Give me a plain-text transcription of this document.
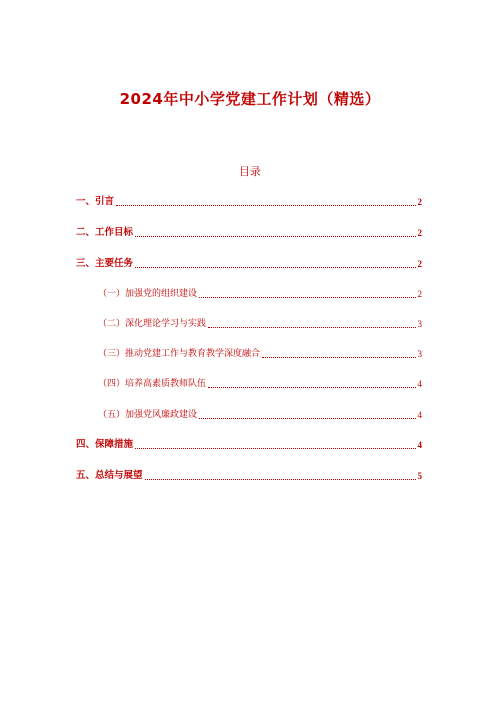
2024年中小学党建工作计划（精选）
目录
一、引言	2
二、工作目标	2
三、主要任务	2
（一）加强党的组织建设	2
（二）深化理论学习与实践	3
（三）推动党建工作与教育教学深度融合	3
（四）培养高素质教师队伍	4
（五）加强党风廉政建设	4
四、保障措施	4
五、总结与展望	5
